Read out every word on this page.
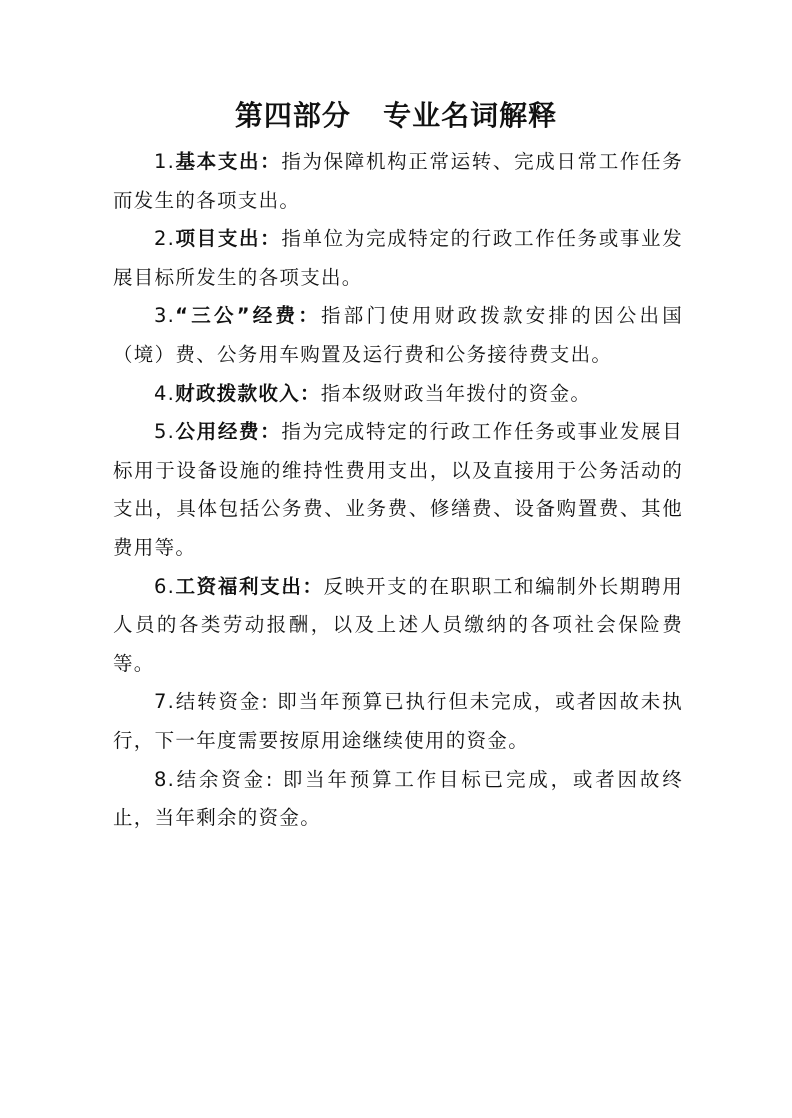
第四部分   专业名词解释

1.基本支出：指为保障机构正常运转、完成日常工作任务而发生的各项支出。

2.项目支出：指单位为完成特定的行政工作任务或事业发展目标所发生的各项支出。

3.“三公”经费：指部门使用财政拨款安排的因公出国（境）费、公务用车购置及运行费和公务接待费支出。

4.财政拨款收入：指本级财政当年拨付的资金。

5.公用经费：指为完成特定的行政工作任务或事业发展目标用于设备设施的维持性费用支出，以及直接用于公务活动的支出，具体包括公务费、业务费、修缮费、设备购置费、其他费用等。

6.工资福利支出：反映开支的在职职工和编制外长期聘用人员的各类劳动报酬，以及上述人员缴纳的各项社会保险费等。

7.结转资金: 即当年预算已执行但未完成，或者因故未执行，下一年度需要按原用途继续使用的资金。

8.结余资金: 即当年预算工作目标已完成，或者因故终止，当年剩余的资金。
